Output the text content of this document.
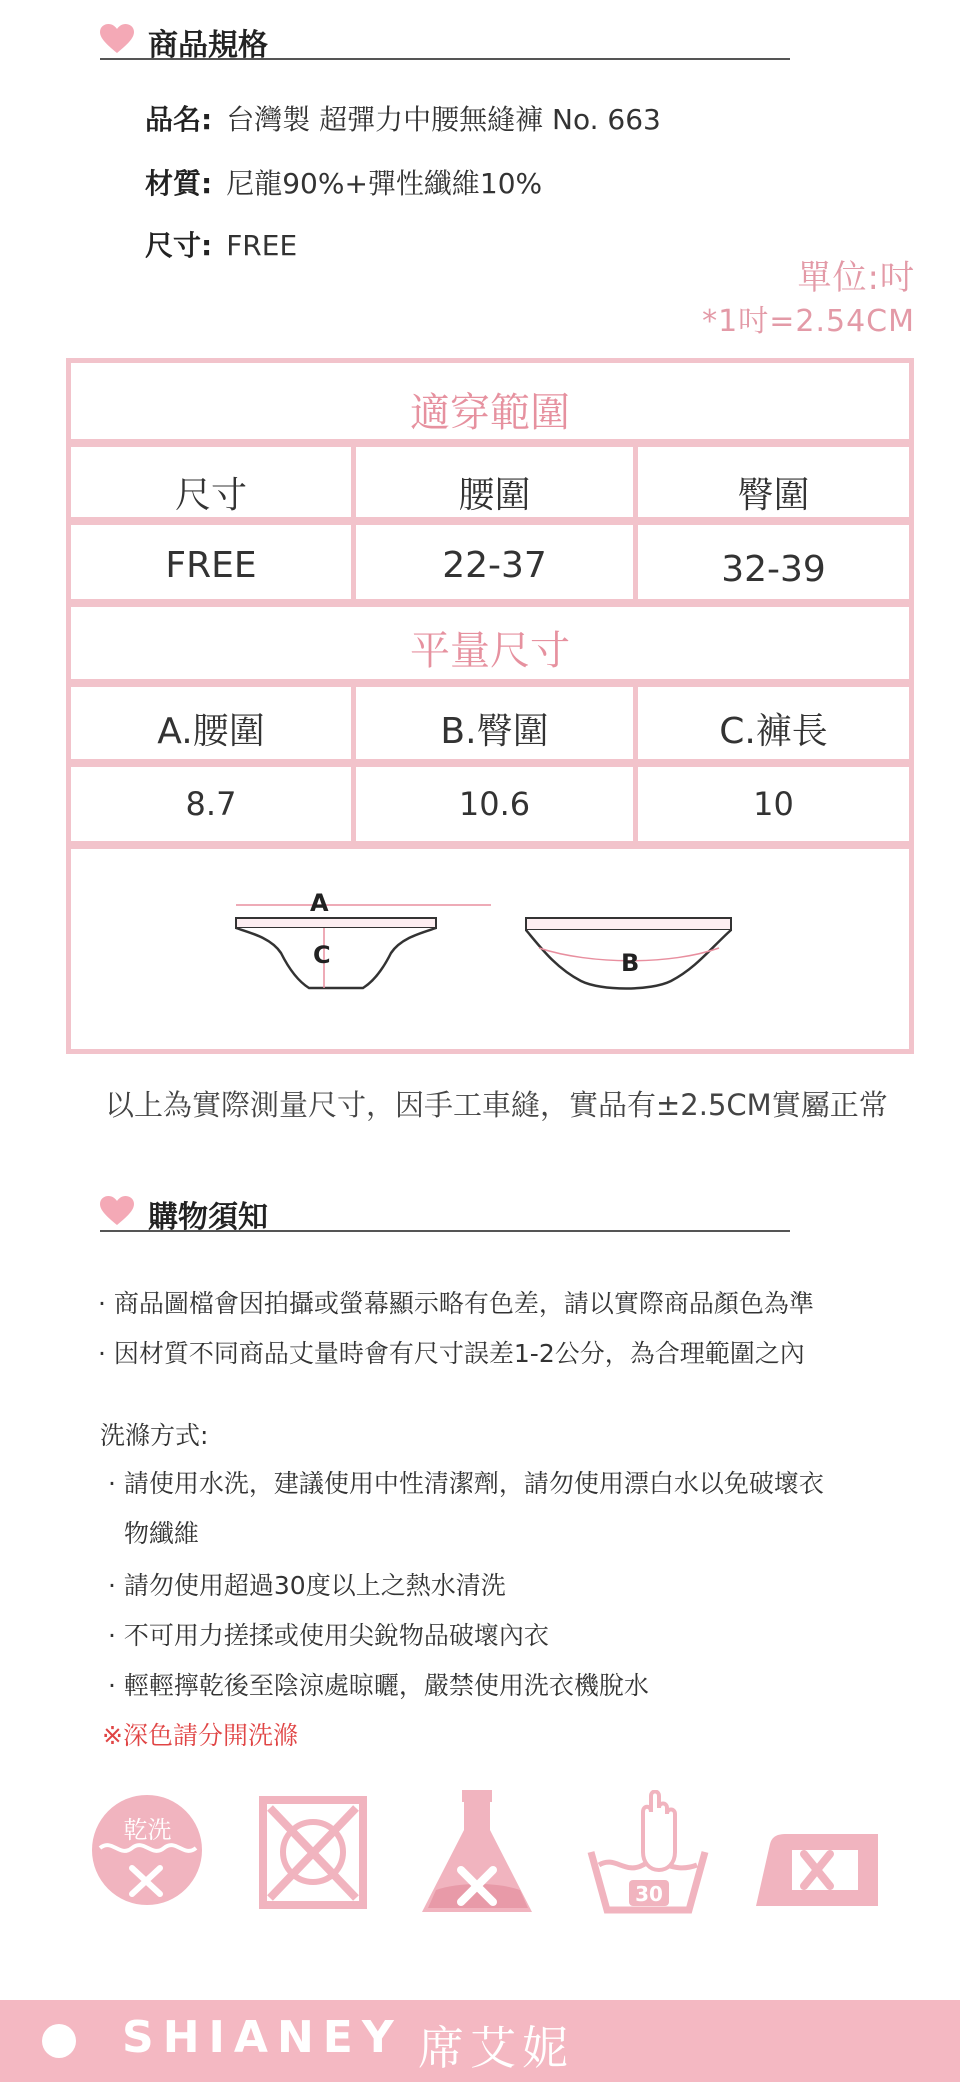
商品規格
品名: 台灣製 超彈力中腰無縫褲 No. 663
材質: 尼龍90%+彈性纖維10%
尺寸: FREE
單位:吋
*1吋=2.54CM
適穿範圍
尺寸	腰圍	臀圍
FREE	22-37	32-39
平量尺寸
A.腰圍	B.臀圍	C.褲長
8.7	10.6	10
A
C	B
以上為實際測量尺寸，因手工車縫，實品有±2.5CM實屬正常
購物須知
· 商品圖檔會因拍攝或螢幕顯示略有色差，請以實際商品顏色為準
· 因材質不同商品丈量時會有尺寸誤差1-2公分，為合理範圍之內
洗滌方式:
· 請使用水洗，建議使用中性清潔劑，請勿使用漂白水以免破壞衣
物纖維
· 請勿使用超過30度以上之熱水清洗
· 不可用力搓揉或使用尖銳物品破壞內衣
· 輕輕擰乾後至陰涼處晾曬，嚴禁使用洗衣機脫水
※深色請分開洗滌
乾洗
30
SHIANEY 席艾妮
